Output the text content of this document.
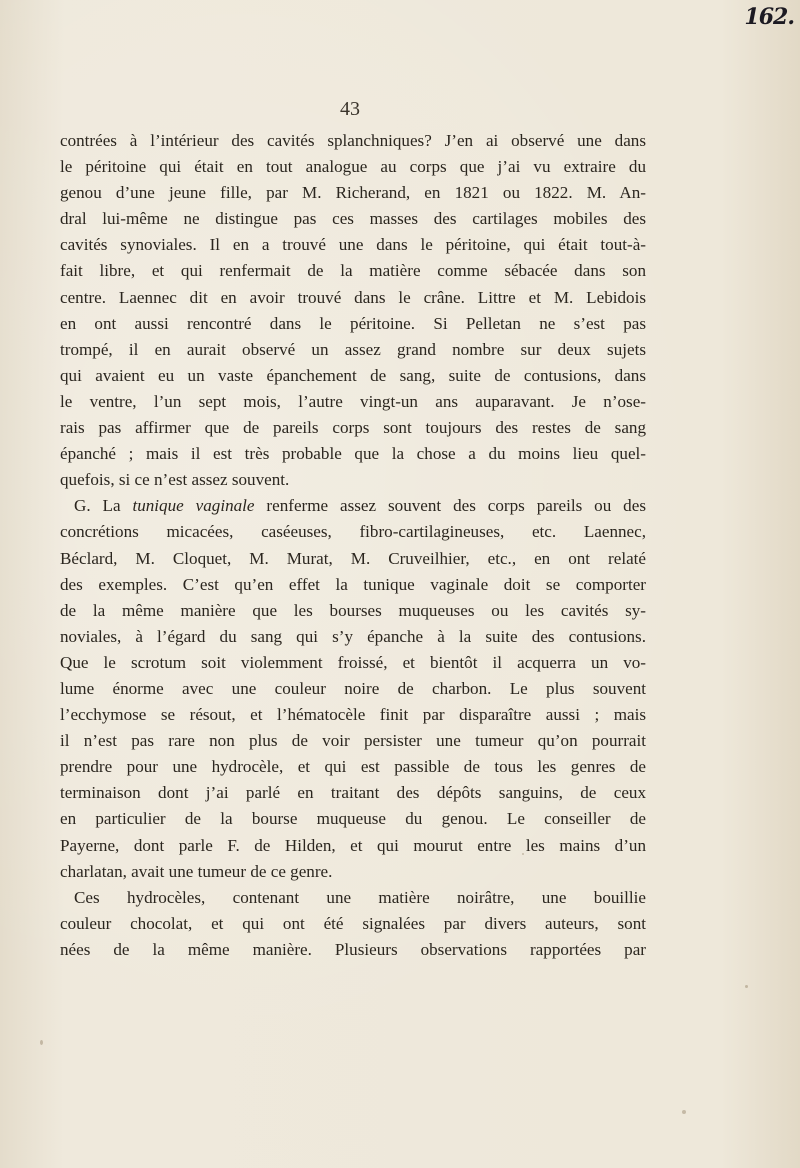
162.
43
contrées à l’intérieur des cavités splanchniques? J’en ai observé une dans
le péritoine qui était en tout analogue au corps que j’ai vu extraire du
genou d’une jeune fille, par M. Richerand, en 1821 ou 1822. M. An-
dral lui-même ne distingue pas ces masses des cartilages mobiles des
cavités synoviales. Il en a trouvé une dans le péritoine, qui était tout-à-
fait libre, et qui renfermait de la matière comme sébacée dans son
centre. Laennec dit en avoir trouvé dans le crâne. Littre et M. Lebidois
en ont aussi rencontré dans le péritoine. Si Pelletan ne s’est pas
trompé, il en aurait observé un assez grand nombre sur deux sujets
qui avaient eu un vaste épanchement de sang, suite de contusions, dans
le ventre, l’un sept mois, l’autre vingt-un ans auparavant. Je n’ose-
rais pas affirmer que de pareils corps sont toujours des restes de sang
épanché ; mais il est très probable que la chose a du moins lieu quel-
quefois, si ce n’est assez souvent.
G. La tunique vaginale renferme assez souvent des corps pareils ou des
concrétions micacées, caséeuses, fibro-cartilagineuses, etc. Laennec,
Béclard, M. Cloquet, M. Murat, M. Cruveilhier, etc., en ont relaté
des exemples. C’est qu’en effet la tunique vaginale doit se comporter
de la même manière que les bourses muqueuses ou les cavités sy-
noviales, à l’égard du sang qui s’y épanche à la suite des contusions.
Que le scrotum soit violemment froissé, et bientôt il acquerra un vo-
lume énorme avec une couleur noire de charbon. Le plus souvent
l’ecchymose se résout, et l’hématocèle finit par disparaître aussi ; mais
il n’est pas rare non plus de voir persister une tumeur qu’on pourrait
prendre pour une hydrocèle, et qui est passible de tous les genres de
terminaison dont j’ai parlé en traitant des dépôts sanguins, de ceux
en particulier de la bourse muqueuse du genou. Le conseiller de
Payerne, dont parle F. de Hilden, et qui mourut entre les mains d’un
charlatan, avait une tumeur de ce genre.
Ces hydrocèles, contenant une matière noirâtre, une bouillie
couleur chocolat, et qui ont été signalées par divers auteurs, sont
nées de la même manière. Plusieurs observations rapportées par
